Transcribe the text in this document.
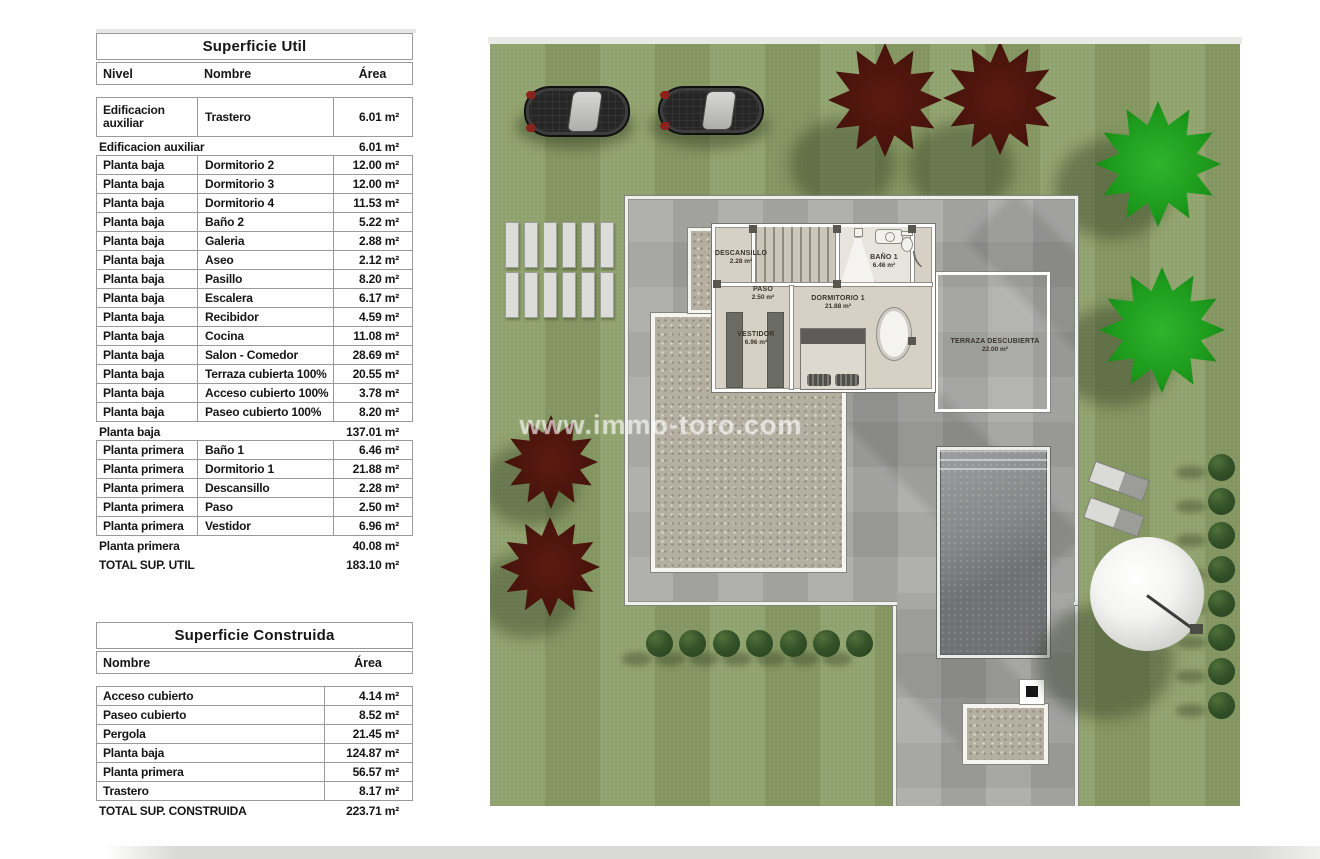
Superficie Util
Nivel	Nombre	Área
Edificacion auxiliar	Trastero	6.01 m²
Edificacion auxiliar	6.01 m²
Planta baja	Dormitorio 2	12.00 m²
Planta baja	Dormitorio 3	12.00 m²
Planta baja	Dormitorio 4	11.53 m²
Planta baja	Baño 2	5.22 m²
Planta baja	Galeria	2.88 m²
Planta baja	Aseo	2.12 m²
Planta baja	Pasillo	8.20 m²
Planta baja	Escalera	6.17 m²
Planta baja	Recibidor	4.59 m²
Planta baja	Cocina	11.08 m²
Planta baja	Salon - Comedor	28.69 m²
Planta baja	Terraza cubierta 100%	20.55 m²
Planta baja	Acceso cubierto 100%	3.78 m²
Planta baja	Paseo cubierto 100%	8.20 m²
Planta baja	137.01 m²
Planta primera	Baño 1	6.46 m²
Planta primera	Dormitorio 1	21.88 m²
Planta primera	Descansillo	2.28 m²
Planta primera	Paso	2.50 m²
Planta primera	Vestidor	6.96 m²
Planta primera	40.08 m²
TOTAL SUP. UTIL	183.10 m²
Superficie Construida
Nombre	Área
Acceso cubierto	4.14 m²
Paseo cubierto	8.52 m²
Pergola	21.45 m²
Planta baja	124.87 m²
Planta primera	56.57 m²
Trastero	8.17 m²
TOTAL SUP. CONSTRUIDA	223.71 m²
DESCANSILLO
2.28 m²
PASO
2.50 m²
BAÑO 1
6.46 m²
DORMITORIO 1
21.88 m²
VESTIDOR
6.96 m²	TERRAZA DESCUBIERTA
22.00 m²
www.immo-toro.com
